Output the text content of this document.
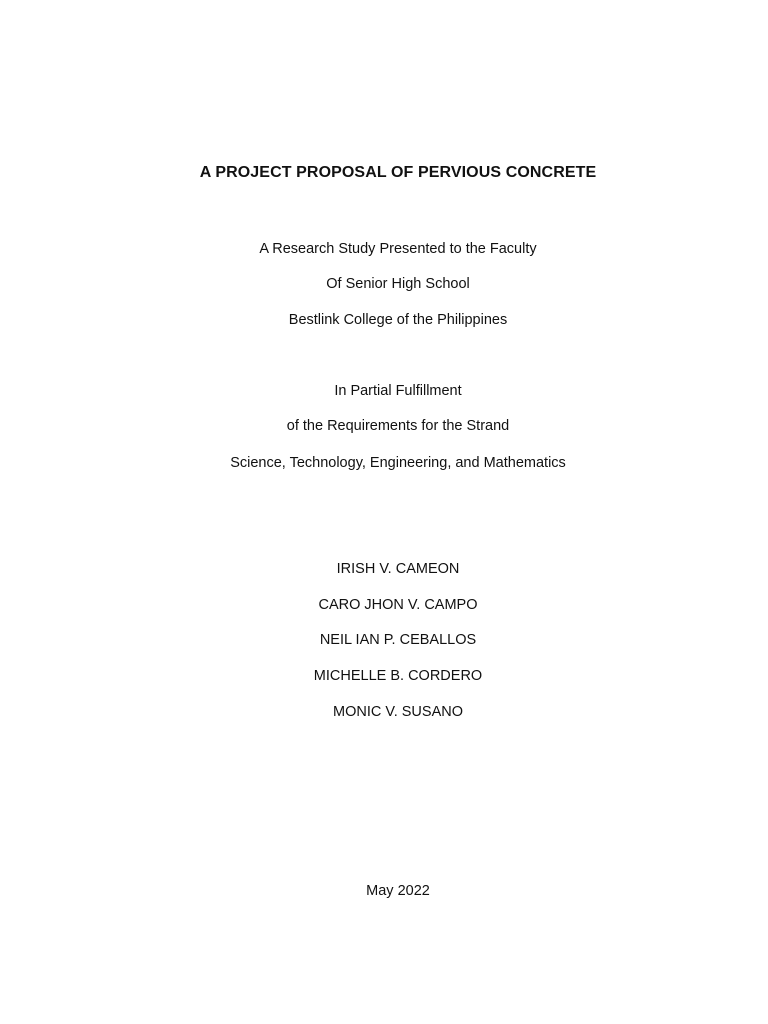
A PROJECT PROPOSAL OF PERVIOUS CONCRETE
A Research Study Presented to the Faculty
Of Senior High School
Bestlink College of the Philippines
In Partial Fulfillment
of the Requirements for the Strand
Science, Technology, Engineering, and Mathematics
IRISH V. CAMEON
CARO JHON V. CAMPO
NEIL IAN P. CEBALLOS
MICHELLE B. CORDERO
MONIC V. SUSANO
May 2022
